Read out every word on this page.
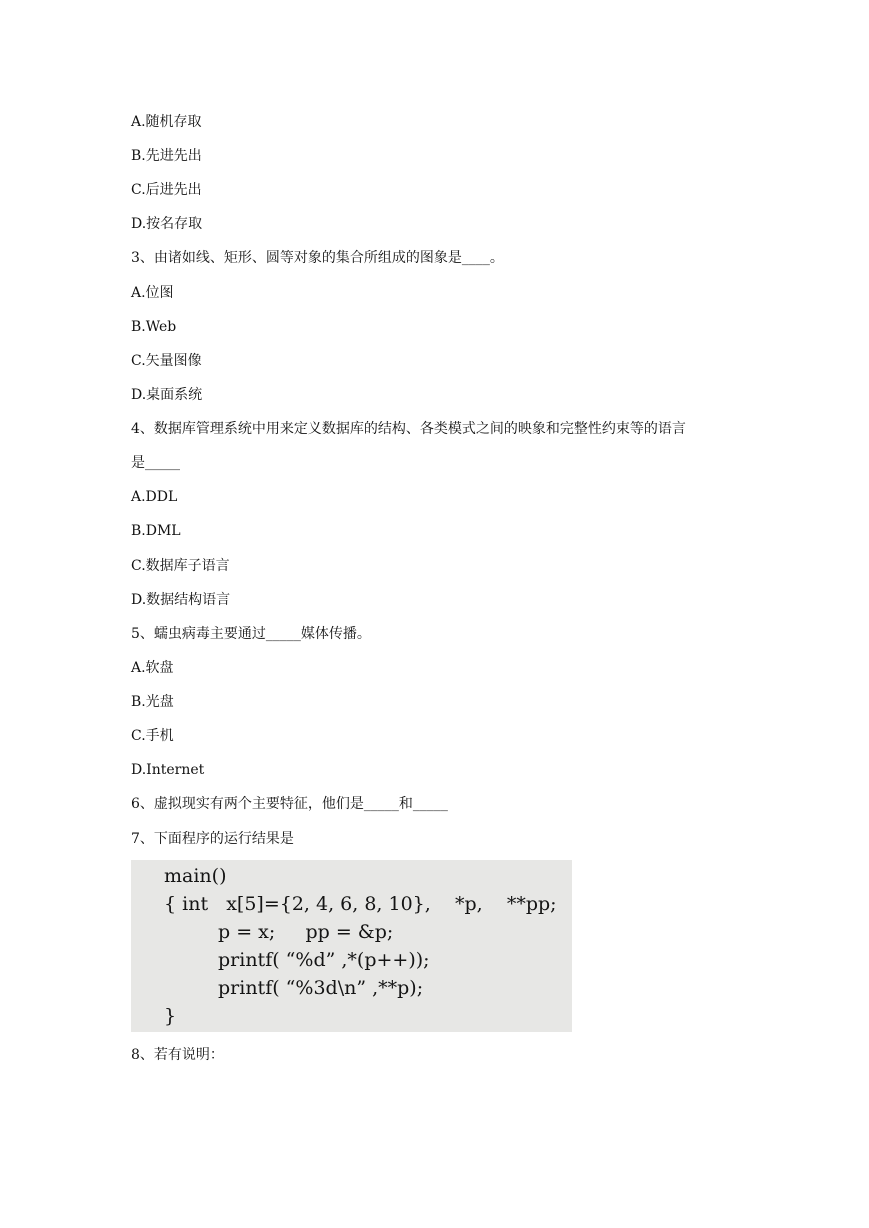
A.随机存取
B.先进先出
C.后进先出
D.按名存取
3、由诸如线、矩形、圆等对象的集合所组成的图象是____。
A.位图
B.Web
C.矢量图像
D.桌面系统
4、数据库管理系统中用来定义数据库的结构、各类模式之间的映象和完整性约束等的语言
是_____
A.DDL
B.DML
C.数据库子语言
D.数据结构语言
5、蠕虫病毒主要通过_____媒体传播。
A.软盘
B.光盘
C.手机
D.Internet
6、虚拟现实有两个主要特征，他们是_____和_____
7、下面程序的运行结果是
main()
{ int   x[5]={2, 4, 6, 8, 10},    *p,    **pp;
p = x;     pp = &p;
printf( “%d” ,*(p++));
printf( “%3d\n” ,**p);
}
8、若有说明：
